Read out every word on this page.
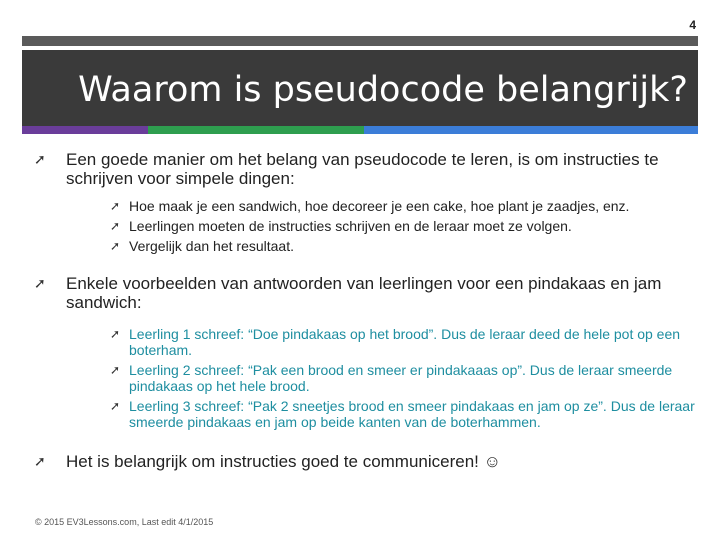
4
Waarom is pseudocode belangrijk?
➚ Een goede manier om het belang van pseudocode te leren, is om instructies te schrijven voor simpele dingen:
➚ Hoe maak je een sandwich, hoe decoreer je een cake, hoe plant je zaadjes, enz.
➚ Leerlingen moeten de instructies schrijven en de leraar moet ze volgen.
➚ Vergelijk dan het resultaat.
➚ Enkele voorbeelden van antwoorden van leerlingen voor een pindakaas en jam sandwich:
➚ Leerling 1 schreef: “Doe pindakaas op het brood”. Dus de leraar deed de hele pot op een boterham.
➚ Leerling 2 schreef: “Pak een brood en smeer er pindakaaas op”. Dus de leraar smeerde pindakaas op het hele brood.
➚ Leerling 3 schreef: “Pak 2 sneetjes brood en smeer pindakaas en jam op ze”. Dus de leraar smeerde pindakaas en jam op beide kanten van de boterhammen.
➚ Het is belangrijk om instructies goed te communiceren! ☺
© 2015 EV3Lessons.com, Last edit 4/1/2015
